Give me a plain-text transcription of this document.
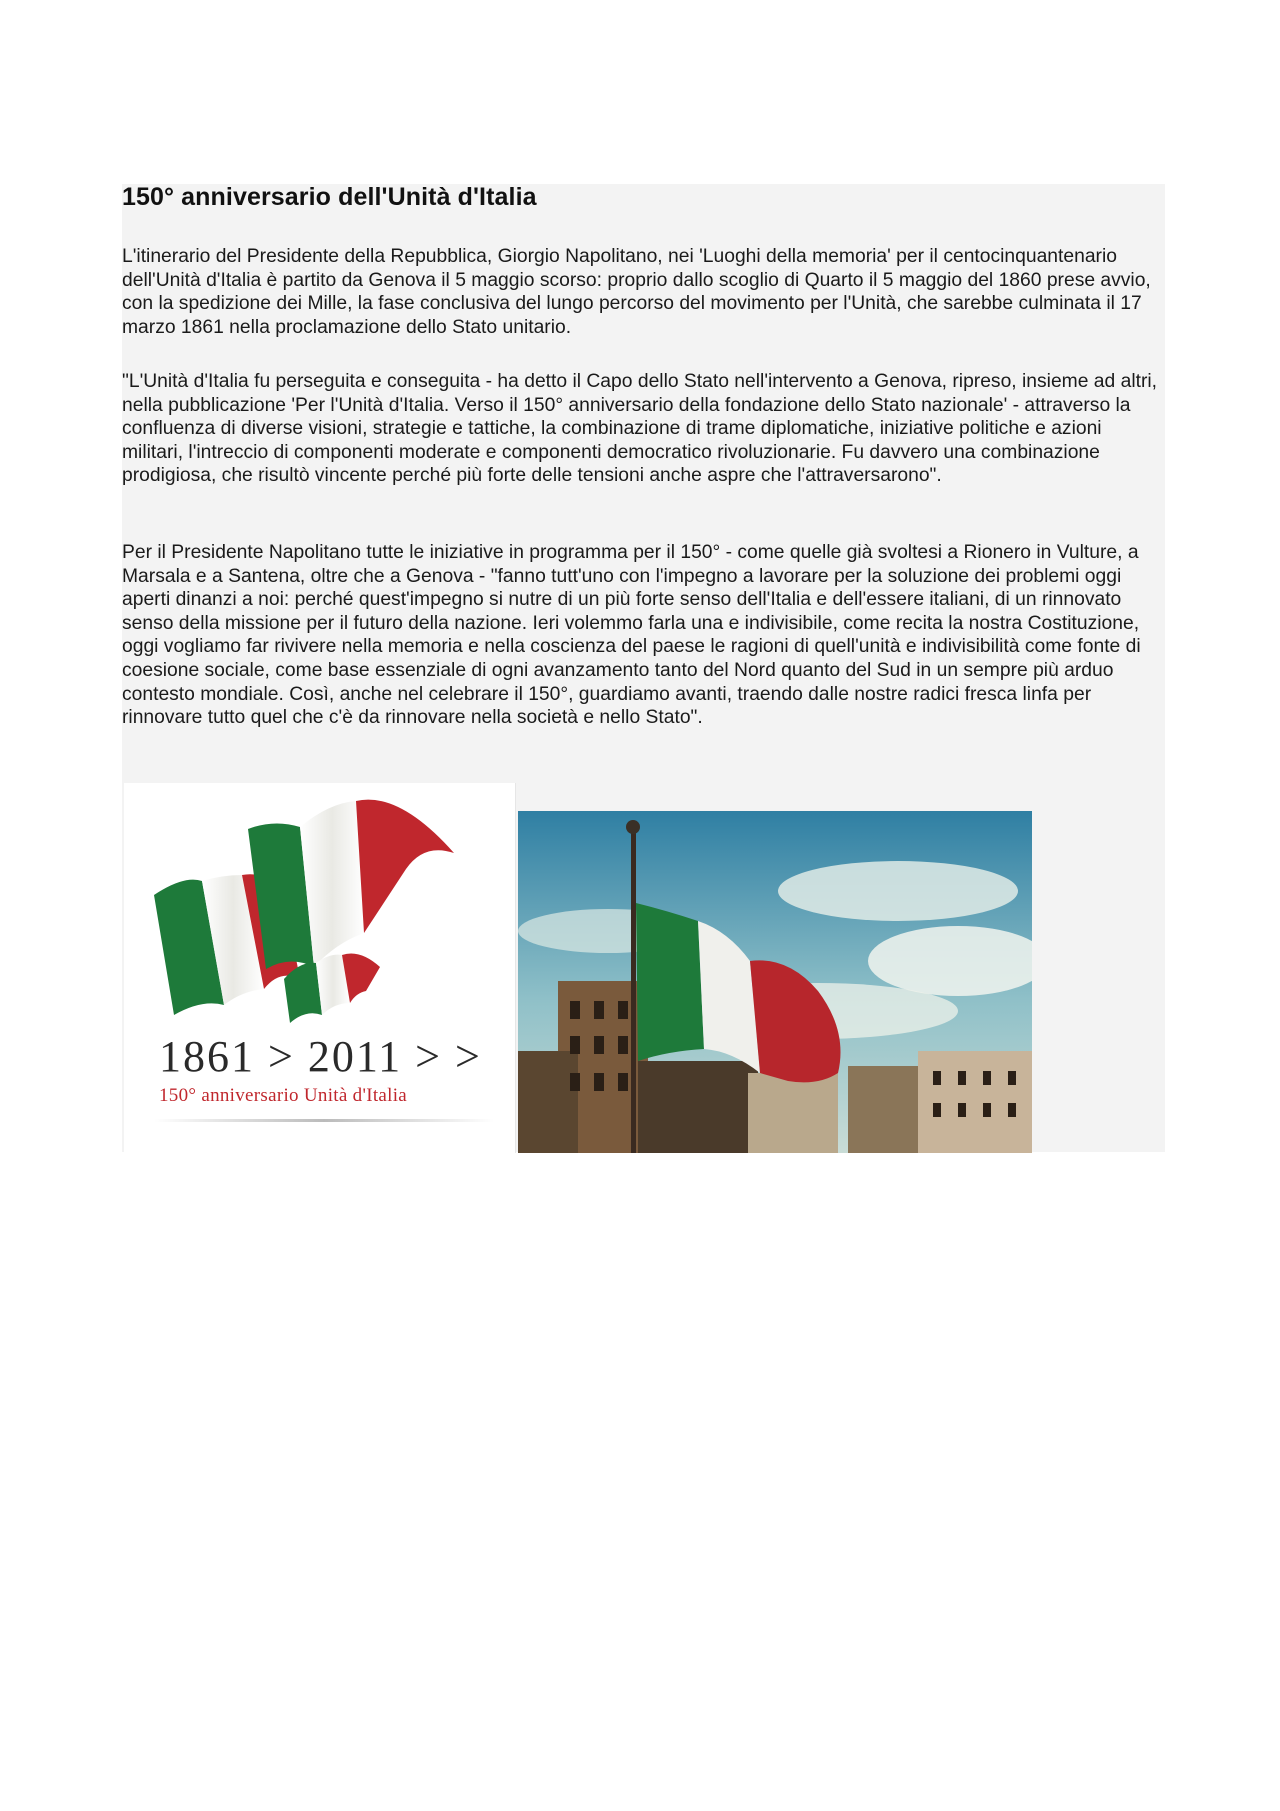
150° anniversario dell'Unità d'Italia

L'itinerario del Presidente della Repubblica, Giorgio Napolitano, nei 'Luoghi della memoria' per il centocinquantenario dell'Unità d'Italia è partito da Genova il 5 maggio scorso: proprio dallo scoglio di Quarto il 5 maggio del 1860 prese avvio, con la spedizione dei Mille, la fase conclusiva del lungo percorso del movimento per l'Unità, che sarebbe culminata il 17 marzo 1861 nella proclamazione dello Stato unitario.

"L'Unità d'Italia fu perseguita e conseguita - ha detto il Capo dello Stato nell'intervento a Genova, ripreso, insieme ad altri, nella pubblicazione 'Per l'Unità d'Italia. Verso il 150° anniversario della fondazione dello Stato nazionale' - attraverso la confluenza di diverse visioni, strategie e tattiche, la combinazione di trame diplomatiche, iniziative politiche e azioni militari, l'intreccio di componenti moderate e componenti democratico rivoluzionarie. Fu davvero una combinazione prodigiosa, che risultò vincente perché più forte delle tensioni anche aspre che l'attraversarono".

Per il Presidente Napolitano tutte le iniziative in programma per il 150° - come quelle già svoltesi a Rionero in Vulture, a Marsala e a Santena, oltre che a Genova - "fanno tutt'uno con l'impegno a lavorare per la soluzione dei problemi oggi aperti dinanzi a noi: perché quest'impegno si nutre di un più forte senso dell'Italia e dell'essere italiani, di un rinnovato senso della missione per il futuro della nazione. Ieri volemmo farla una e indivisibile, come recita la nostra Costituzione, oggi vogliamo far rivivere nella memoria e nella coscienza del paese le ragioni di quell'unità e indivisibilità come fonte di coesione sociale, come base essenziale di ogni avanzamento tanto del Nord quanto del Sud in un sempre più arduo contesto mondiale. Così, anche nel celebrare il 150°, guardiamo avanti, traendo dalle nostre radici fresca linfa per rinnovare tutto quel che c'è da rinnovare nella società e nello Stato".

1861 > 2011 > >
150° anniversario Unità d'Italia
